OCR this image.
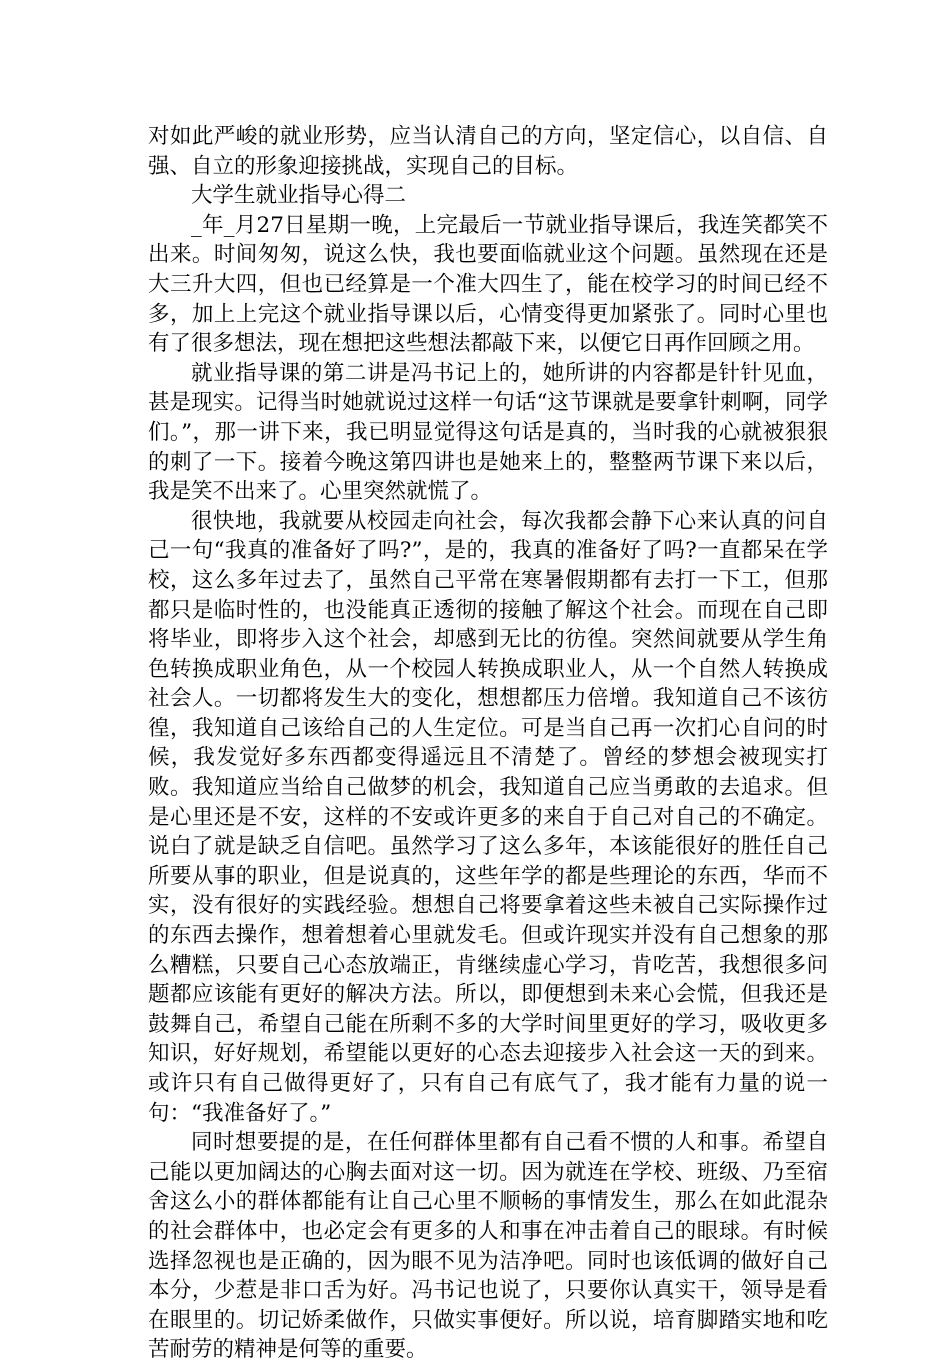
对如此严峻的就业形势，应当认清自己的方向，坚定信心，以自信、自强、自立的形象迎接挑战，实现自己的目标。

大学生就业指导心得二

_年_月27日星期一晚，上完最后一节就业指导课后，我连笑都笑不出来。时间匆匆，说这么快，我也要面临就业这个问题。虽然现在还是大三升大四，但也已经算是一个准大四生了，能在校学习的时间已经不多，加上上完这个就业指导课以后，心情变得更加紧张了。同时心里也有了很多想法，现在想把这些想法都敲下来，以便它日再作回顾之用。

就业指导课的第二讲是冯书记上的，她所讲的内容都是针针见血，甚是现实。记得当时她就说过这样一句话“这节课就是要拿针刺啊，同学们。”，那一讲下来，我已明显觉得这句话是真的，当时我的心就被狠狠的刺了一下。接着今晚这第四讲也是她来上的，整整两节课下来以后，我是笑不出来了。心里突然就慌了。

很快地，我就要从校园走向社会，每次我都会静下心来认真的问自己一句“我真的准备好了吗?”，是的，我真的准备好了吗?一直都呆在学校，这么多年过去了，虽然自己平常在寒暑假期都有去打一下工，但那都只是临时性的，也没能真正透彻的接触了解这个社会。而现在自己即将毕业，即将步入这个社会，却感到无比的彷徨。突然间就要从学生角色转换成职业角色，从一个校园人转换成职业人，从一个自然人转换成社会人。一切都将发生大的变化，想想都压力倍增。我知道自己不该彷徨，我知道自己该给自己的人生定位。可是当自己再一次扪心自问的时候，我发觉好多东西都变得遥远且不清楚了。曾经的梦想会被现实打败。我知道应当给自己做梦的机会，我知道自己应当勇敢的去追求。但是心里还是不安，这样的不安或许更多的来自于自己对自己的不确定。说白了就是缺乏自信吧。虽然学习了这么多年，本该能很好的胜任自己所要从事的职业，但是说真的，这些年学的都是些理论的东西，华而不实，没有很好的实践经验。想想自己将要拿着这些未被自己实际操作过的东西去操作，想着想着心里就发毛。但或许现实并没有自己想象的那么糟糕，只要自己心态放端正，肯继续虚心学习，肯吃苦，我想很多问题都应该能有更好的解决方法。所以，即便想到未来心会慌，但我还是鼓舞自己，希望自己能在所剩不多的大学时间里更好的学习，吸收更多知识，好好规划，希望能以更好的心态去迎接步入社会这一天的到来。或许只有自己做得更好了，只有自己有底气了，我才能有力量的说一句：“我准备好了。”

同时想要提的是，在任何群体里都有自己看不惯的人和事。希望自己能以更加阔达的心胸去面对这一切。因为就连在学校、班级、乃至宿舍这么小的群体都能有让自己心里不顺畅的事情发生，那么在如此混杂的社会群体中，也必定会有更多的人和事在冲击着自己的眼球。有时候选择忽视也是正确的，因为眼不见为洁净吧。同时也该低调的做好自己本分，少惹是非口舌为好。冯书记也说了，只要你认真实干，领导是看在眼里的。切记娇柔做作，只做实事便好。所以说，培育脚踏实地和吃苦耐劳的精神是何等的重要。
